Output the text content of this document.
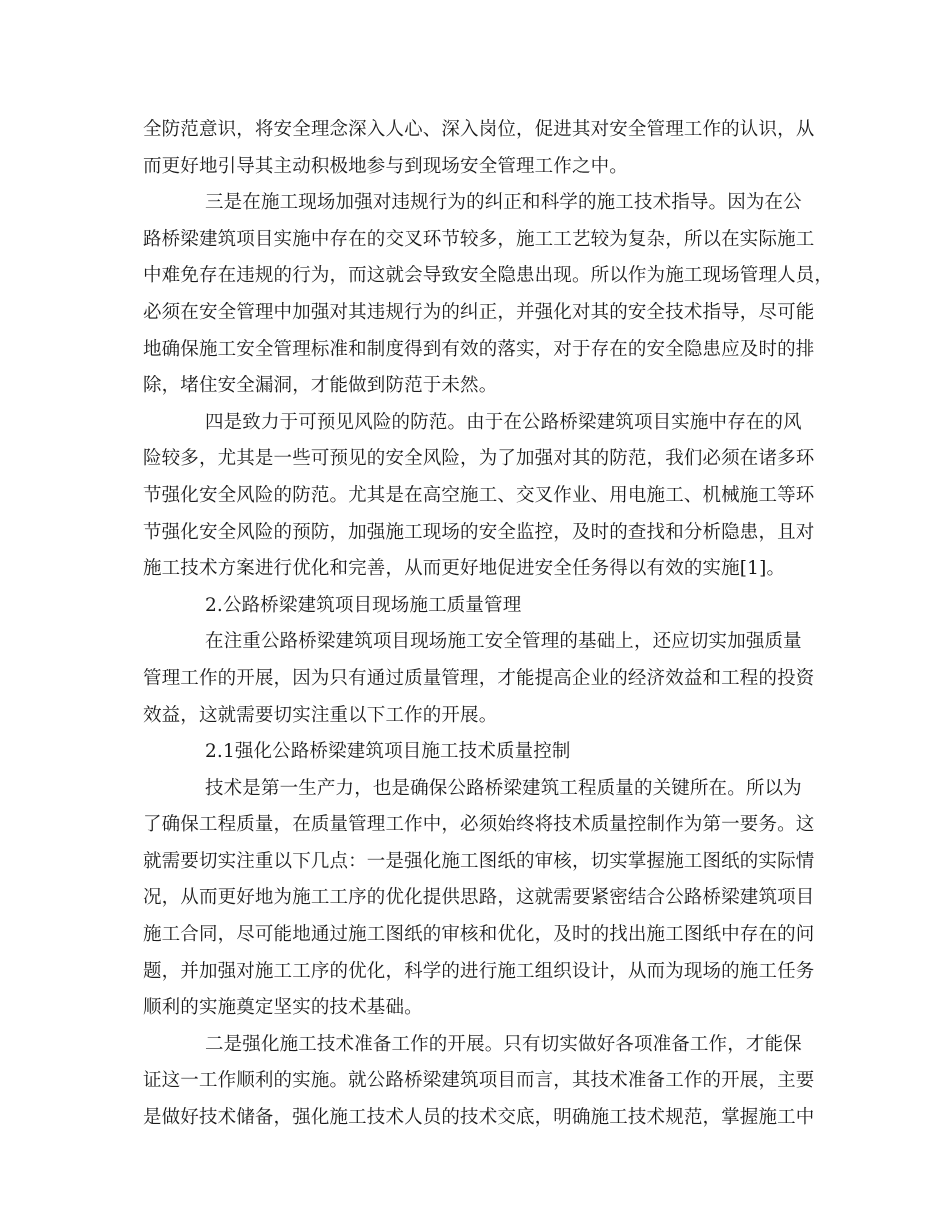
全防范意识，将安全理念深入人心、深入岗位，促进其对安全管理工作的认识，从
而更好地引导其主动积极地参与到现场安全管理工作之中。
三是在施工现场加强对违规行为的纠正和科学的施工技术指导。因为在公
路桥梁建筑项目实施中存在的交叉环节较多，施工工艺较为复杂，所以在实际施工
中难免存在违规的行为，而这就会导致安全隐患出现。所以作为施工现场管理人员，
必须在安全管理中加强对其违规行为的纠正，并强化对其的安全技术指导，尽可能
地确保施工安全管理标准和制度得到有效的落实，对于存在的安全隐患应及时的排
除，堵住安全漏洞，才能做到防范于未然。
四是致力于可预见风险的防范。由于在公路桥梁建筑项目实施中存在的风
险较多，尤其是一些可预见的安全风险，为了加强对其的防范，我们必须在诸多环
节强化安全风险的防范。尤其是在高空施工、交叉作业、用电施工、机械施工等环
节强化安全风险的预防，加强施工现场的安全监控，及时的查找和分析隐患，且对
施工技术方案进行优化和完善，从而更好地促进安全任务得以有效的实施[1]。
2.公路桥梁建筑项目现场施工质量管理
在注重公路桥梁建筑项目现场施工安全管理的基础上，还应切实加强质量
管理工作的开展，因为只有通过质量管理，才能提高企业的经济效益和工程的投资
效益，这就需要切实注重以下工作的开展。
2.1强化公路桥梁建筑项目施工技术质量控制
技术是第一生产力，也是确保公路桥梁建筑工程质量的关键所在。所以为
了确保工程质量，在质量管理工作中，必须始终将技术质量控制作为第一要务。这
就需要切实注重以下几点：一是强化施工图纸的审核，切实掌握施工图纸的实际情
况，从而更好地为施工工序的优化提供思路，这就需要紧密结合公路桥梁建筑项目
施工合同，尽可能地通过施工图纸的审核和优化，及时的找出施工图纸中存在的问
题，并加强对施工工序的优化，科学的进行施工组织设计，从而为现场的施工任务
顺利的实施奠定坚实的技术基础。
二是强化施工技术准备工作的开展。只有切实做好各项准备工作，才能保
证这一工作顺利的实施。就公路桥梁建筑项目而言，其技术准备工作的开展，主要
是做好技术储备，强化施工技术人员的技术交底，明确施工技术规范，掌握施工中
